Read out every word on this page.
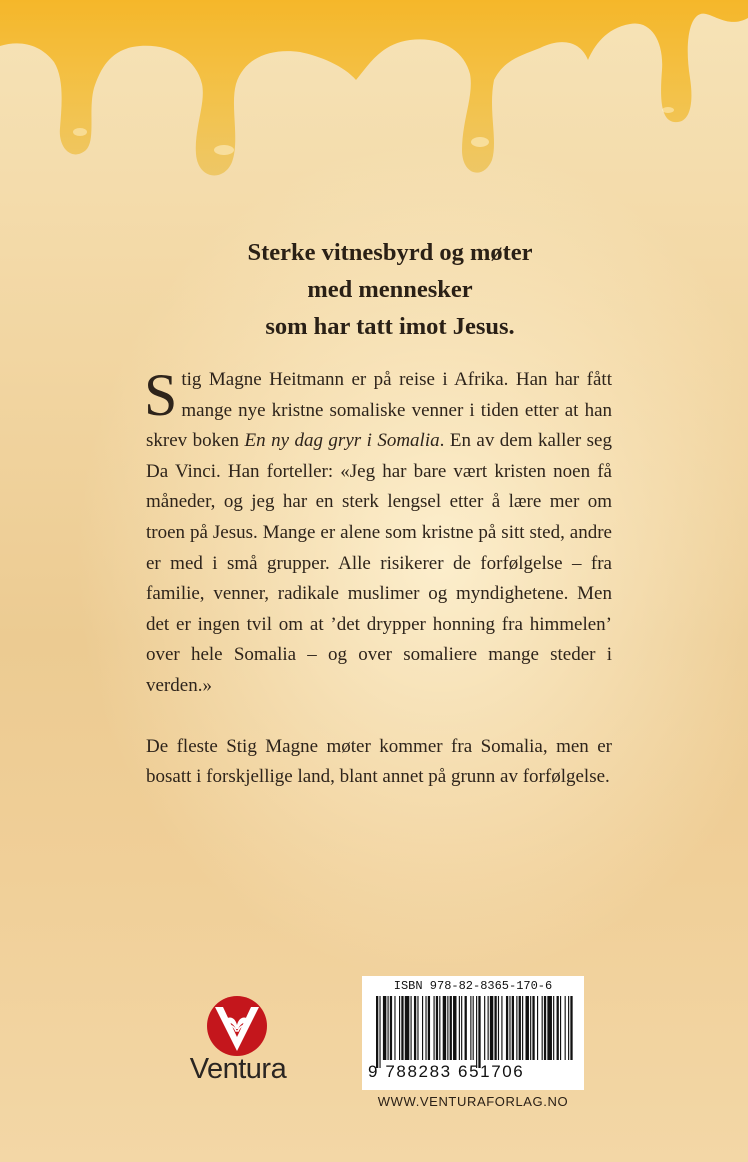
Sterke vitnesbyrd og møter
med mennesker
som har tatt imot Jesus.

Stig Magne Heitmann er på reise i Afrika. Han har fått mange nye kristne somaliske venner i tiden etter at han skrev boken En ny dag gryr i Somalia. En av dem kaller seg Da Vinci. Han forteller: «Jeg har bare vært kristen noen få måneder, og jeg har en sterk lengsel etter å lære mer om troen på Jesus. Mange er alene som kristne på sitt sted, andre er med i små grupper. Alle risikerer de forfølgelse – fra familie, venner, radikale muslimer og myndighetene. Men det er ingen tvil om at ’det drypper honning fra himmelen’ over hele Somalia – og over somaliere mange steder i verden.»

De fleste Stig Magne møter kommer fra Somalia, men er bosatt i forskjellige land, blant annet på grunn av forfølgelse.

Ventura
ISBN 978-82-8365-170-6
9 788283 651706
WWW.VENTURAFORLAG.NO
